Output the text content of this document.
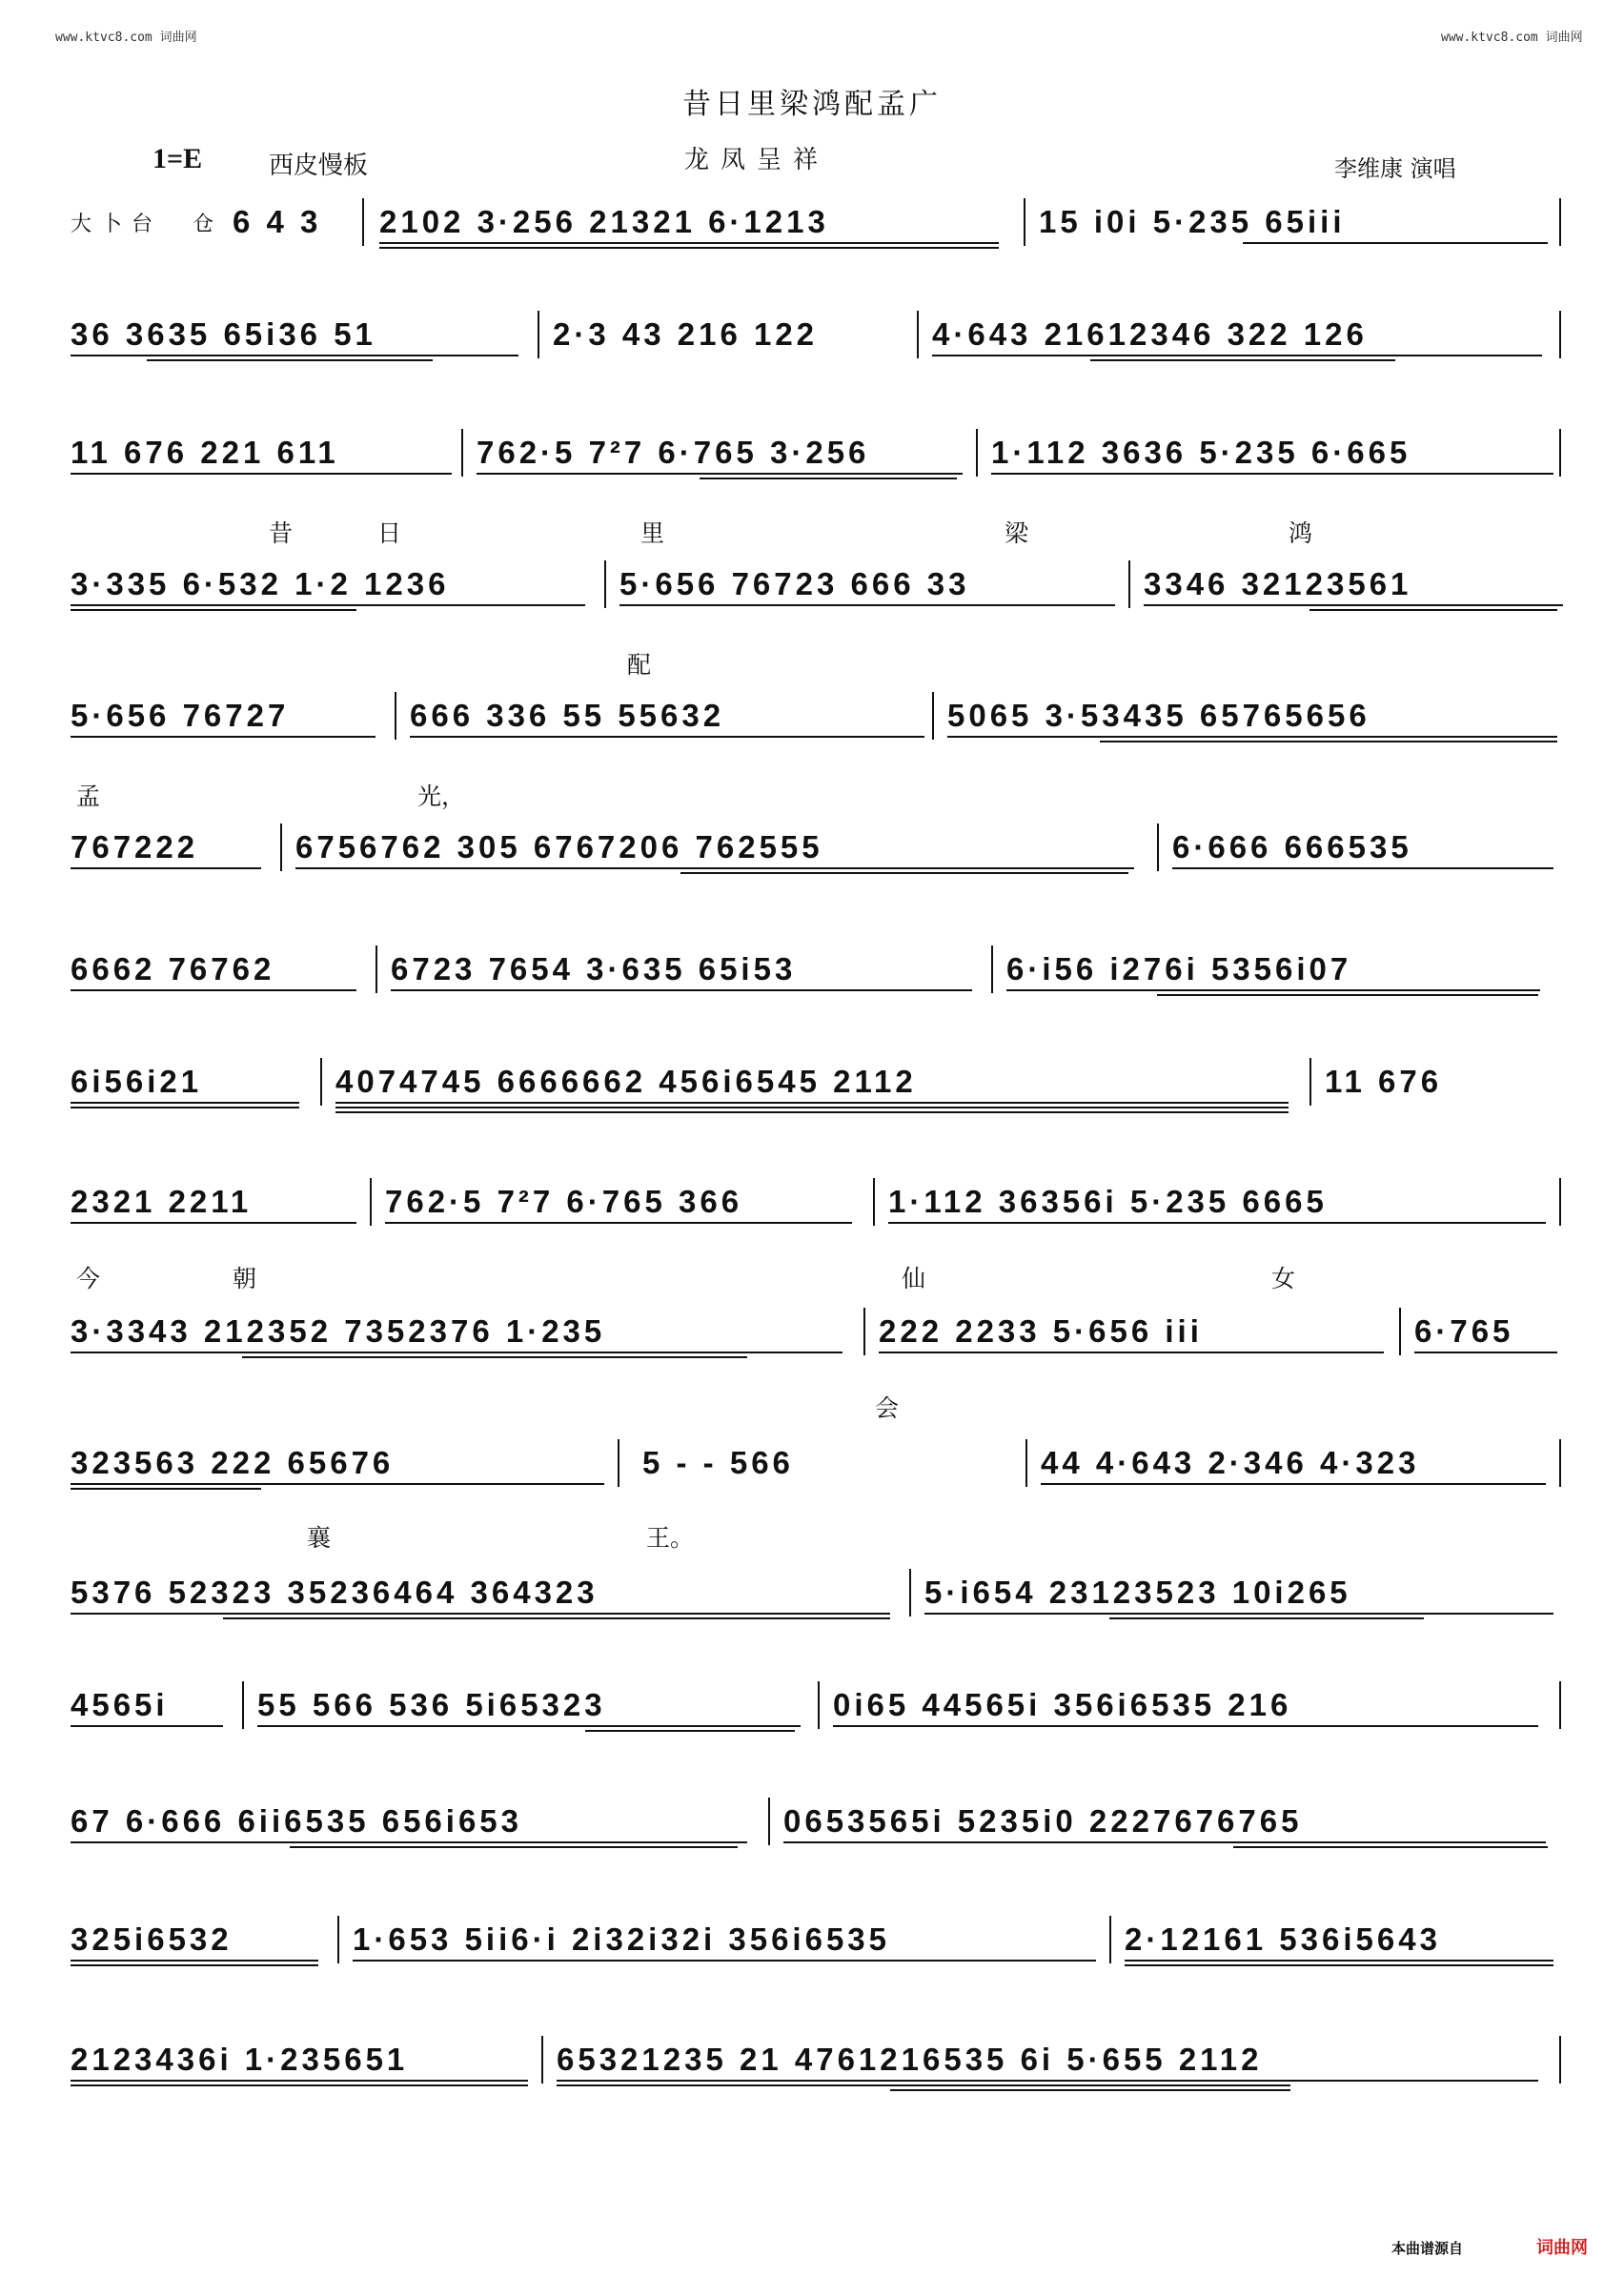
www.ktvc8.com 词曲网	www.ktvc8.com 词曲网
昔日里梁鸿配孟广
1=E	西皮慢板	龙凤呈祥	李维康 演唱
大卜台 仓 6 4 3	2102 3·256 21321 6·1213	15 i0i 5·235 65iii
36 3635 65i36 51	2·3 43 216 122	4·643 21612346 322 126
11 676 221 611	762·5 7²7 6·765 3·256	1·112 3636 5·235 6·665
昔	日	里	梁	鸿
3·335 6·532 1·2 1236	5·656 76723 666 33	3346 32123561
配
5·656 76727	666 336 55 55632	5065 3·53435 65765656
孟	光，
767222	6756762 305 6767206 762555	6·666 666535
6662 76762	6723 7654 3·635 65i53	6·i56 i276i 5356i07
6i56i21	4074745 6666662 456i6545 2112	11 676
2321 2211	762·5 7²7 6·765 366	1·112 36356i 5·235 6665
今	朝	仙	女
3·3343 212352 7352376 1·235	222 2233 5·656 iii	6·765
会
323563 222 65676	5 - - 566	44 4·643 2·346 4·323
襄	王。
5376 52323 35236464 364323	5·i654 23123523 10i265
4565i	55 566 536 5i65323	0i65 44565i 356i6535 216
67 6·666 6ii6535 656i653	0653565i 5235i0 2227676765
325i6532	1·653 5ii6·i 2i32i32i 356i6535	2·12161 536i5643
2123436i 1·235651	65321235 21 4761216535 6i 5·655 2112
本曲谱源自	词曲网
